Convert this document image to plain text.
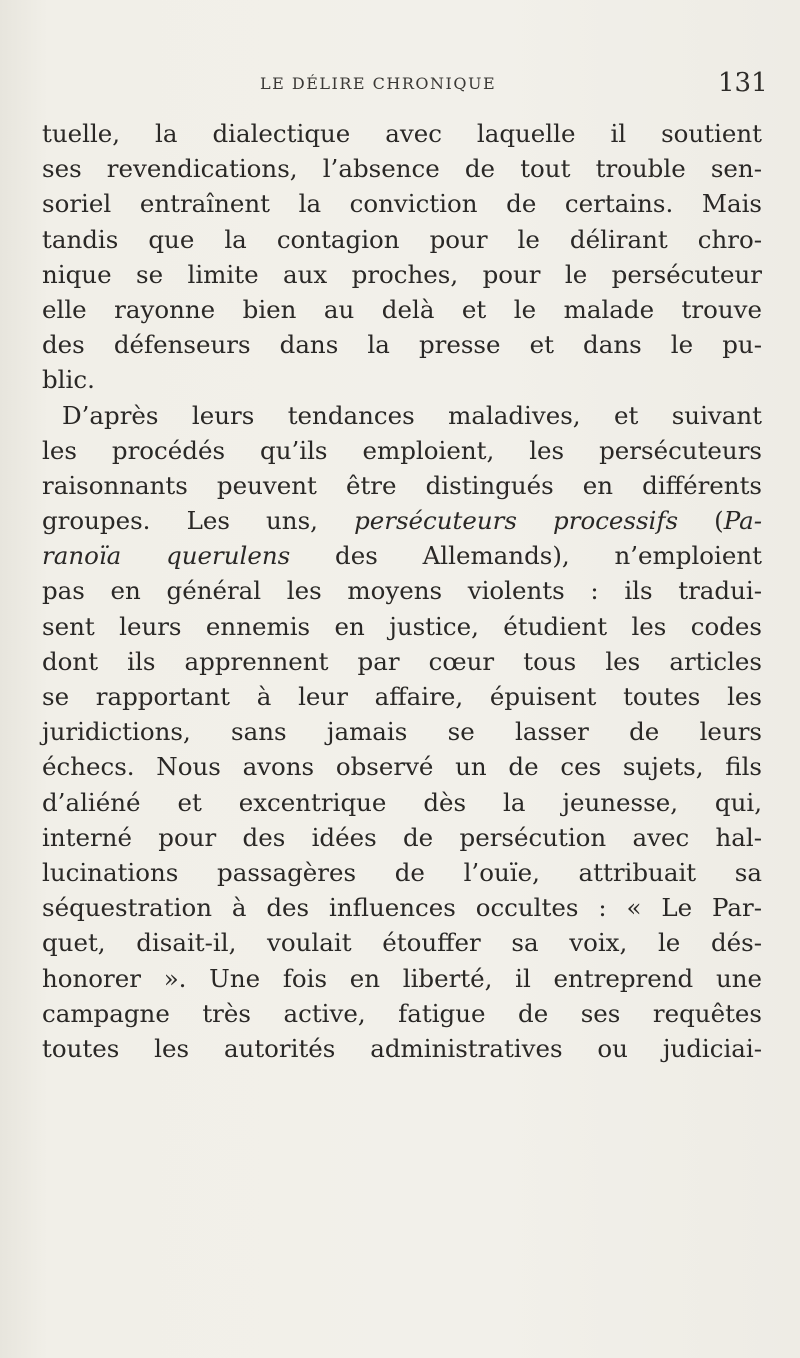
LE DÉLIRE CHRONIQUE	131
tuelle, la dialectique avec laquelle il soutient
ses revendications, l’absence de tout trouble sen-
soriel entraînent la conviction de certains. Mais
tandis que la contagion pour le délirant chro-
nique se limite aux proches, pour le persécuteur
elle rayonne bien au delà et le malade trouve
des défenseurs dans la presse et dans le pu-
blic.
D’après leurs tendances maladives, et suivant
les procédés qu’ils emploient, les persécuteurs
raisonnants peuvent être distingués en différents
groupes. Les uns, persécuteurs processifs (Pa-
ranoïa querulens des Allemands), n’emploient
pas en général les moyens violents : ils tradui-
sent leurs ennemis en justice, étudient les codes
dont ils apprennent par cœur tous les articles
se rapportant à leur affaire, épuisent toutes les
juridictions, sans jamais se lasser de leurs
échecs. Nous avons observé un de ces sujets, fils
d’aliéné et excentrique dès la jeunesse, qui,
interné pour des idées de persécution avec hal-
lucinations passagères de l’ouïe, attribuait sa
séquestration à des influences occultes : « Le Par-
quet, disait-il, voulait étouffer sa voix, le dés-
honorer ». Une fois en liberté, il entreprend une
campagne très active, fatigue de ses requêtes
toutes les autorités administratives ou judiciai-
